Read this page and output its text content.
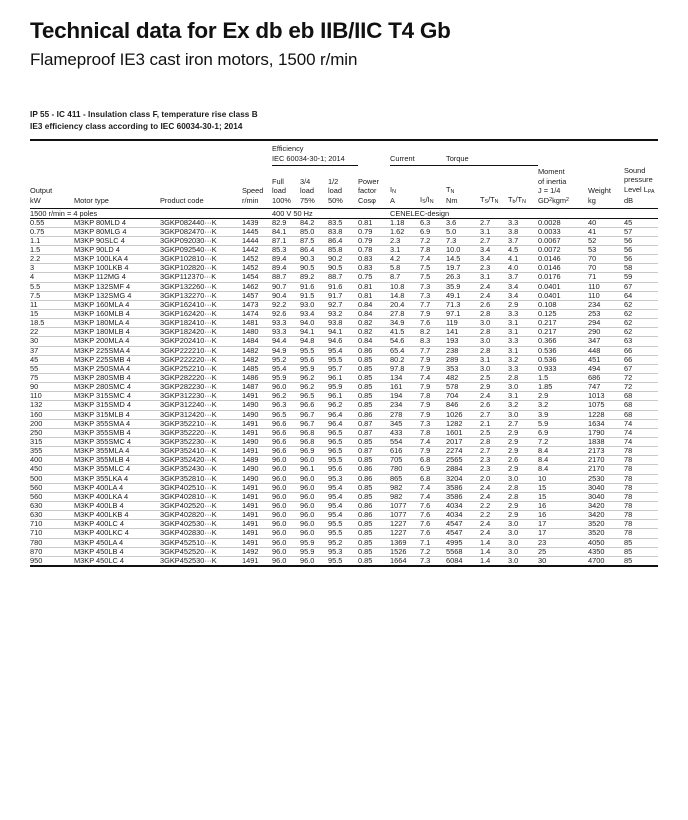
Technical data for Ex db eb IIB/IIC T4 Gb
Flameproof IE3 cast iron motors, 1500 r/min
IP 55 - IC 411 - Insulation class F, temperature rise class B
IE3 efficiency class according to IEC 60034-30-1; 2014

				Efficiency
IEC 60034-30-1; 2014				Current		Torque					

Output
kW	Motor type	Product code	Speed
r/min	Full
load
100%	3/4
load
75%	1/2
load
50%	Power
factor
Cosφ	$I_N$
A	$I_S/I_N$	$T_N$
Nm	$T_S/T_N$	$T_b/T_N$	Moment
of inertia
J = 1/4
$GD^2kgm^2$	Weight
kg	Sound
pressure
Level $L_{PA}$
dB

1500 r/min = 4 poles				400 V 50 Hz				CENELEC-design							
0.55	M3KP 80MLD 4	3GKP082440···K	1439	82.9	84.2	83.5	0.81	1.18	6.3	3.6	2.7	3.3	0.0028	40	45
0.75	M3KP 80MLG 4	3GKP082470···K	1445	84.1	85.0	83.8	0.79	1.62	6.9	5.0	3.1	3.8	0.0033	41	57
1.1	M3KP 90SLC 4	3GKP092030···K	1444	87.1	87.5	86.4	0.79	2.3	7.2	7.3	2.7	3.7	0.0067	52	56
1.5	M3KP 90LD 4	3GKP092540···K	1442	85.3	86.4	85.8	0.78	3.1	7.8	10.0	3.4	4.5	0.0072	53	56
2.2	M3KP 100LKA 4	3GKP102810···K	1452	89.4	90.3	90.2	0.83	4.2	7.4	14.5	3.4	4.1	0.0146	70	56
3	M3KP 100LKB 4	3GKP102820···K	1452	89.4	90.5	90.5	0.83	5.8	7.5	19.7	2.3	4.0	0.0146	70	58
4	M3KP 112MG 4	3GKP112370···K	1454	88.7	89.2	88.7	0.75	8.7	7.5	26.3	3.1	3.7	0.0176	71	59
5.5	M3KP 132SMF 4	3GKP132260···K	1462	90.7	91.6	91.6	0.81	10.8	7.3	35.9	2.4	3.4	0.0401	110	67
7.5	M3KP 132SMG 4	3GKP132270···K	1457	90.4	91.5	91.7	0.81	14.8	7.3	49.1	2.4	3.4	0.0401	110	64
11	M3KP 160MLA 4	3GKP162410···K	1473	92.2	93.0	92.7	0.84	20.4	7.7	71.3	2.6	2.9	0.108	234	62
15	M3KP 160MLB 4	3GKP162420···K	1474	92.6	93.4	93.2	0.84	27.8	7.9	97.1	2.8	3.3	0.125	253	62
18.5	M3KP 180MLA 4	3GKP182410···K	1481	93.3	94.0	93.8	0.82	34.9	7.6	119	3.0	3.1	0.217	294	62
22	M3KP 180MLB 4	3GKP182420···K	1480	93.3	94.1	94.1	0.82	41.5	8.2	141	2.8	3.1	0.217	290	62
30	M3KP 200MLA 4	3GKP202410···K	1484	94.4	94.8	94.6	0.84	54.6	8.3	193	3.0	3.3	0.366	347	63
37	M3KP 225SMA 4	3GKP222210···K	1482	94.9	95.5	95.4	0.86	65.4	7.7	238	2.8	3.1	0.536	448	66
45	M3KP 225SMB 4	3GKP222220···K	1482	95.2	95.6	95.5	0.85	80.2	7.9	289	3.1	3.2	0.536	451	66
55	M3KP 250SMA 4	3GKP252210···K	1485	95.4	95.9	95.7	0.85	97.8	7.9	353	3.0	3.3	0.933	494	67
75	M3KP 280SMB 4	3GKP282220···K	1486	95.9	96.2	96.1	0.85	134	7.4	482	2.5	2.8	1.5	686	72
90	M3KP 280SMC 4	3GKP282230···K	1487	96.0	96.2	95.9	0.85	161	7.9	578	2.9	3.0	1.85	747	72
110	M3KP 315SMC 4	3GKP312230···K	1491	96.2	96.5	96.1	0.85	194	7.8	704	2.4	3.1	2.9	1013	68
132	M3KP 315SMD 4	3GKP312240···K	1490	96.3	96.6	96.2	0.85	234	7.9	846	2.6	3.2	3.2	1075	68
160	M3KP 315MLB 4	3GKP312420···K	1490	96.5	96.7	96.4	0.86	278	7.9	1026	2.7	3.0	3.9	1228	68
200	M3KP 355SMA 4	3GKP352210···K	1491	96.6	96.7	96.4	0.87	345	7.3	1282	2.1	2.7	5.9	1634	74
250	M3KP 355SMB 4	3GKP352220···K	1491	96.6	96.8	96.5	0.87	433	7.8	1601	2.5	2.9	6.9	1790	74
315	M3KP 355SMC 4	3GKP352230···K	1490	96.6	96.8	96.5	0.85	554	7.4	2017	2.8	2.9	7.2	1838	74
355	M3KP 355MLA 4	3GKP352410···K	1491	96.6	96.9	96.5	0.87	616	7.9	2274	2.7	2.9	8.4	2173	78
400	M3KP 355MLB 4	3GKP352420···K	1489	96.0	96.0	95.5	0.85	705	6.8	2565	2.3	2.6	8.4	2170	78
450	M3KP 355MLC 4	3GKP352430···K	1490	96.0	96.1	95.6	0.86	780	6.9	2884	2.3	2.9	8.4	2170	78
500	M3KP 355LKA 4	3GKP352810···K	1490	96.0	96.0	95.3	0.86	865	6.8	3204	2.0	3.0	10	2530	78
560	M3KP 400LA 4	3GKP402510···K	1491	96.0	96.0	95.4	0.85	982	7.4	3586	2.4	2.8	15	3040	78
560	M3KP 400LKA 4	3GKP402810···K	1491	96.0	96.0	95.4	0.85	982	7.4	3586	2.4	2.8	15	3040	78
630	M3KP 400LB 4	3GKP402520···K	1491	96.0	96.0	95.4	0.86	1077	7.6	4034	2.2	2.9	16	3420	78
630	M3KP 400LKB 4	3GKP402820···K	1491	96.0	96.0	95.4	0.86	1077	7.6	4034	2.2	2.9	16	3420	78
710	M3KP 400LC 4	3GKP402530···K	1491	96.0	96.0	95.5	0.85	1227	7.6	4547	2.4	3.0	17	3520	78
710	M3KP 400LKC 4	3GKP402830···K	1491	96.0	96.0	95.5	0.85	1227	7.6	4547	2.4	3.0	17	3520	78
780	M3KP 450LA 4	3GKP452510···K	1491	96.0	95.9	95.2	0.85	1369	7.1	4995	1.4	3.0	23	4050	85
870	M3KP 450LB 4	3GKP452520···K	1492	96.0	95.9	95.3	0.85	1526	7.2	5568	1.4	3.0	25	4350	85
950	M3KP 450LC 4	3GKP452530···K	1491	96.0	96.0	95.5	0.85	1664	7.3	6084	1.4	3.0	30	4700	85
